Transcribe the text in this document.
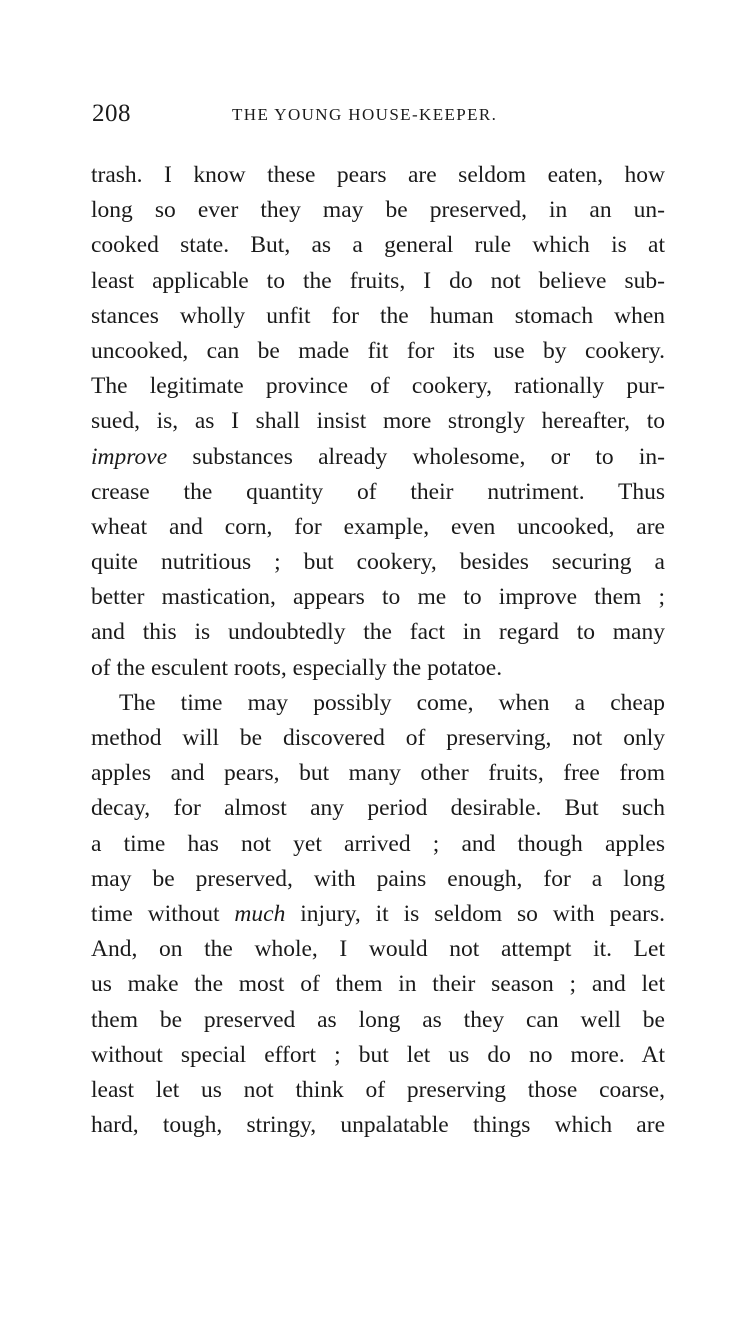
208	THE YOUNG HOUSE-KEEPER.
trash. I know these pears are seldom eaten, how
long so ever they may be preserved, in an un-
cooked state. But, as a general rule which is at
least applicable to the fruits, I do not believe sub-
stances wholly unfit for the human stomach when
uncooked, can be made fit for its use by cookery.
The legitimate province of cookery, rationally pur-
sued, is, as I shall insist more strongly hereafter, to
improve substances already wholesome, or to in-
crease the quantity of their nutriment. Thus
wheat and corn, for example, even uncooked, are
quite nutritious ; but cookery, besides securing a
better mastication, appears to me to improve them ;
and this is undoubtedly the fact in regard to many
of the esculent roots, especially the potatoe.
The time may possibly come, when a cheap
method will be discovered of preserving, not only
apples and pears, but many other fruits, free from
decay, for almost any period desirable. But such
a time has not yet arrived ; and though apples
may be preserved, with pains enough, for a long
time without much injury, it is seldom so with pears.
And, on the whole, I would not attempt it. Let
us make the most of them in their season ; and let
them be preserved as long as they can well be
without special effort ; but let us do no more. At
least let us not think of preserving those coarse,
hard, tough, stringy, unpalatable things which are
